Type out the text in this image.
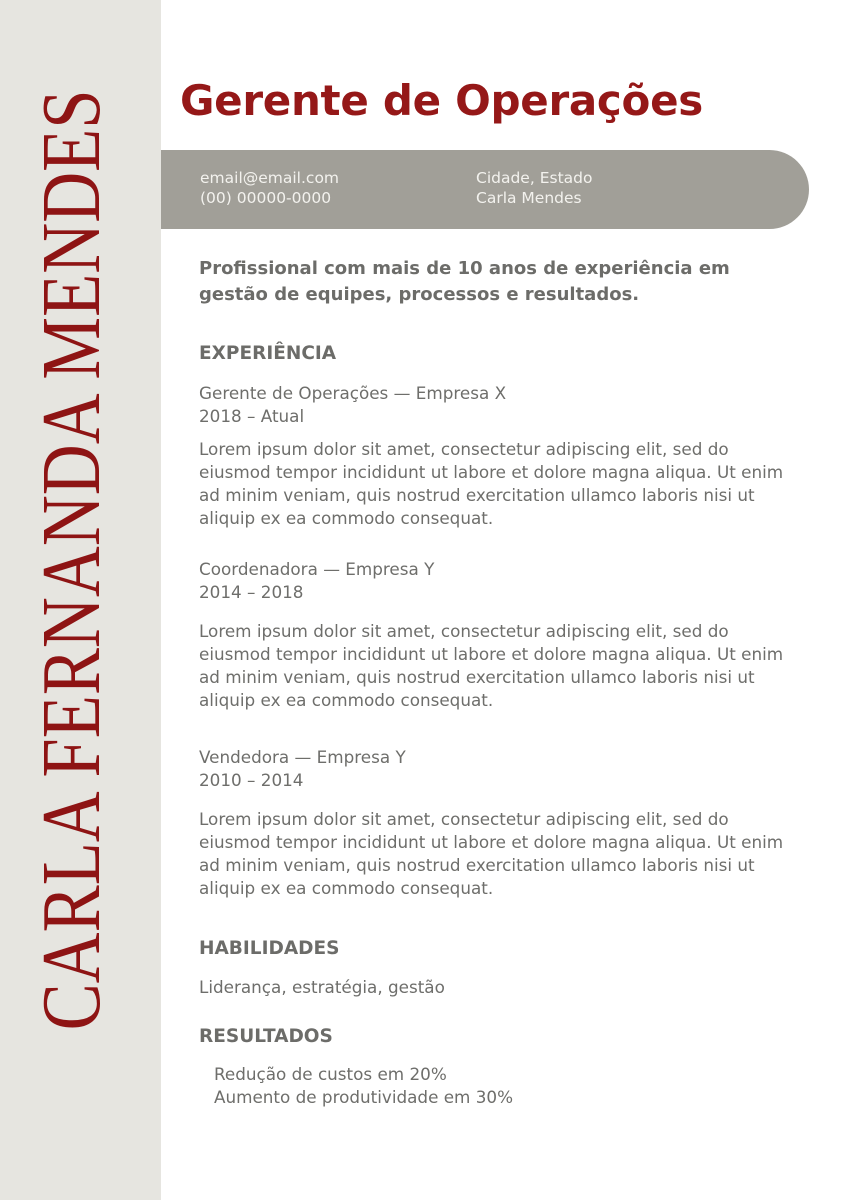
CARLA FERNANDA MENDES Gerente de Operações
email@email.com
(00) 00000-0000
Cidade, Estado
Carla Mendes
Profissional com mais de 10 anos de experiência em gestão de equipes, processos e resultados.
EXPERIÊNCIA
Gerente de Operações — Empresa X
2018 – Atual
Lorem ipsum dolor sit amet, consectetur adipiscing elit, sed do eiusmod tempor incididunt ut labore et dolore magna aliqua. Ut enim ad minim veniam, quis nostrud exercitation ullamco laboris nisi ut aliquip ex ea commodo consequat.
Coordenadora — Empresa Y
2014 – 2018
Lorem ipsum dolor sit amet, consectetur adipiscing elit, sed do eiusmod tempor incididunt ut labore et dolore magna aliqua. Ut enim ad minim veniam, quis nostrud exercitation ullamco laboris nisi ut aliquip ex ea commodo consequat.
Vendedora — Empresa Y
2010 – 2014
Lorem ipsum dolor sit amet, consectetur adipiscing elit, sed do eiusmod tempor incididunt ut labore et dolore magna aliqua. Ut enim ad minim veniam, quis nostrud exercitation ullamco laboris nisi ut aliquip ex ea commodo consequat.
HABILIDADES
Liderança, estratégia, gestão
RESULTADOS
Redução de custos em 20%
Aumento de produtividade em 30%
